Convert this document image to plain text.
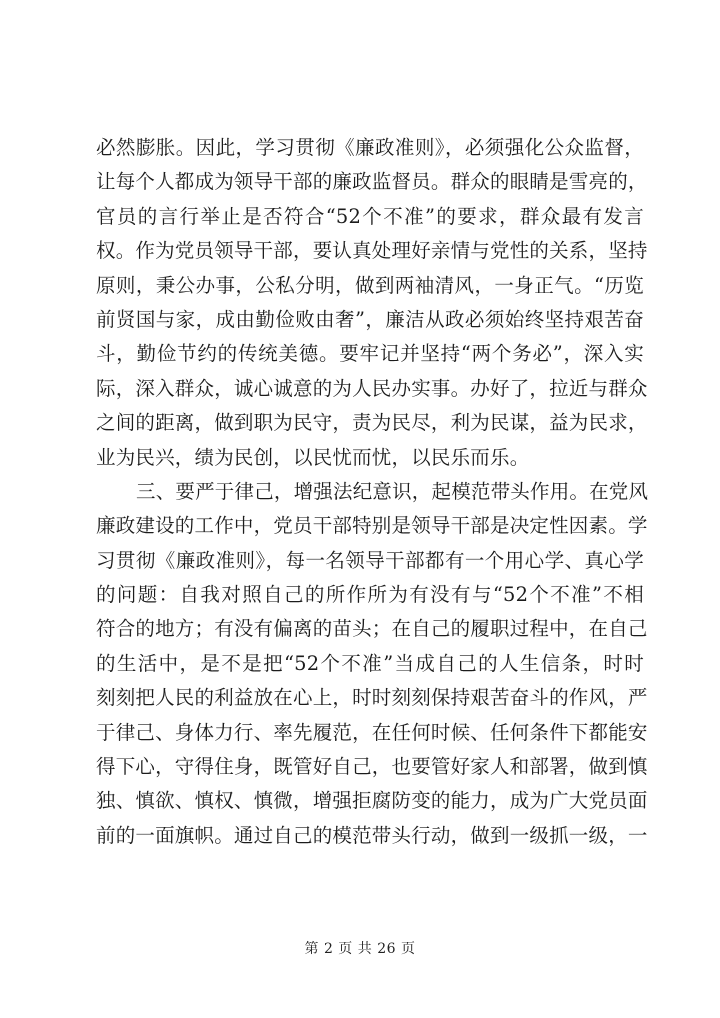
必然膨胀。因此，学习贯彻《廉政准则》，必须强化公众监督，
让每个人都成为领导干部的廉政监督员。群众的眼睛是雪亮的，
官员的言行举止是否符合“52个不准”的要求，群众最有发言
权。作为党员领导干部，要认真处理好亲情与党性的关系，坚持
原则，秉公办事，公私分明，做到两袖清风，一身正气。“历览
前贤国与家，成由勤俭败由奢”，廉洁从政必须始终坚持艰苦奋
斗，勤俭节约的传统美德。要牢记并坚持“两个务必”，深入实
际，深入群众，诚心诚意的为人民办实事。办好了，拉近与群众
之间的距离，做到职为民守，责为民尽，利为民谋，益为民求，
业为民兴，绩为民创，以民忧而忧，以民乐而乐。
三、要严于律己，增强法纪意识，起模范带头作用。在党风
廉政建设的工作中，党员干部特别是领导干部是决定性因素。学
习贯彻《廉政准则》，每一名领导干部都有一个用心学、真心学
的问题：自我对照自己的所作所为有没有与“52个不准”不相
符合的地方；有没有偏离的苗头；在自己的履职过程中，在自己
的生活中，是不是把“52个不准”当成自己的人生信条，时时
刻刻把人民的利益放在心上，时时刻刻保持艰苦奋斗的作风，严
于律己、身体力行、率先履范，在任何时候、任何条件下都能安
得下心，守得住身，既管好自己，也要管好家人和部署，做到慎
独、慎欲、慎权、慎微，增强拒腐防变的能力，成为广大党员面
前的一面旗帜。通过自己的模范带头行动，做到一级抓一级，一
第 2 页 共 26 页
